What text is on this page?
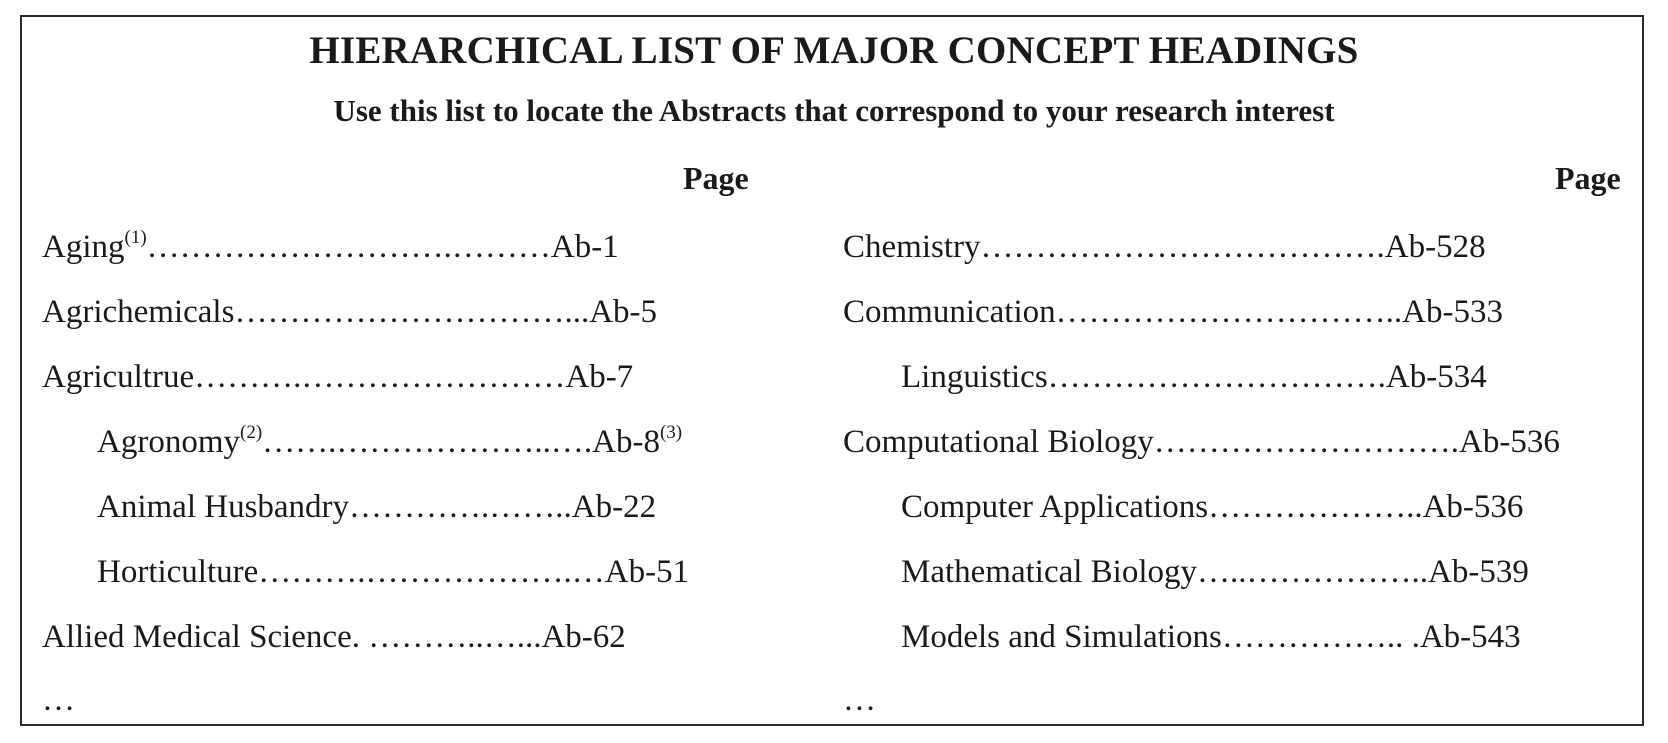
HIERARCHICAL LIST OF MAJOR CONCEPT HEADINGS
Use this list to locate the Abstracts that correspond to your research interest
Page	Page
Aging$^{(1)}$……………………….………Ab-1
Agrichemicals…………………………...Ab-5
Agricultrue……….……………………Ab-7
Agronomy$^{(2)}$…….………………..….Ab-8$^{(3)}$
Animal Husbandry………….……..Ab-22
Horticulture……….……………….…Ab-51
Allied Medical Science. ………..…...Ab-62
…
Chemistry……………………………….Ab-528
Communication…………………………..Ab-533
Linguistics………………………….Ab-534
Computational Biology……………………….Ab-536
Computer Applications………………..Ab-536
Mathematical Biology…..……………..Ab-539
Models and Simulations…………….. .Ab-543
…
